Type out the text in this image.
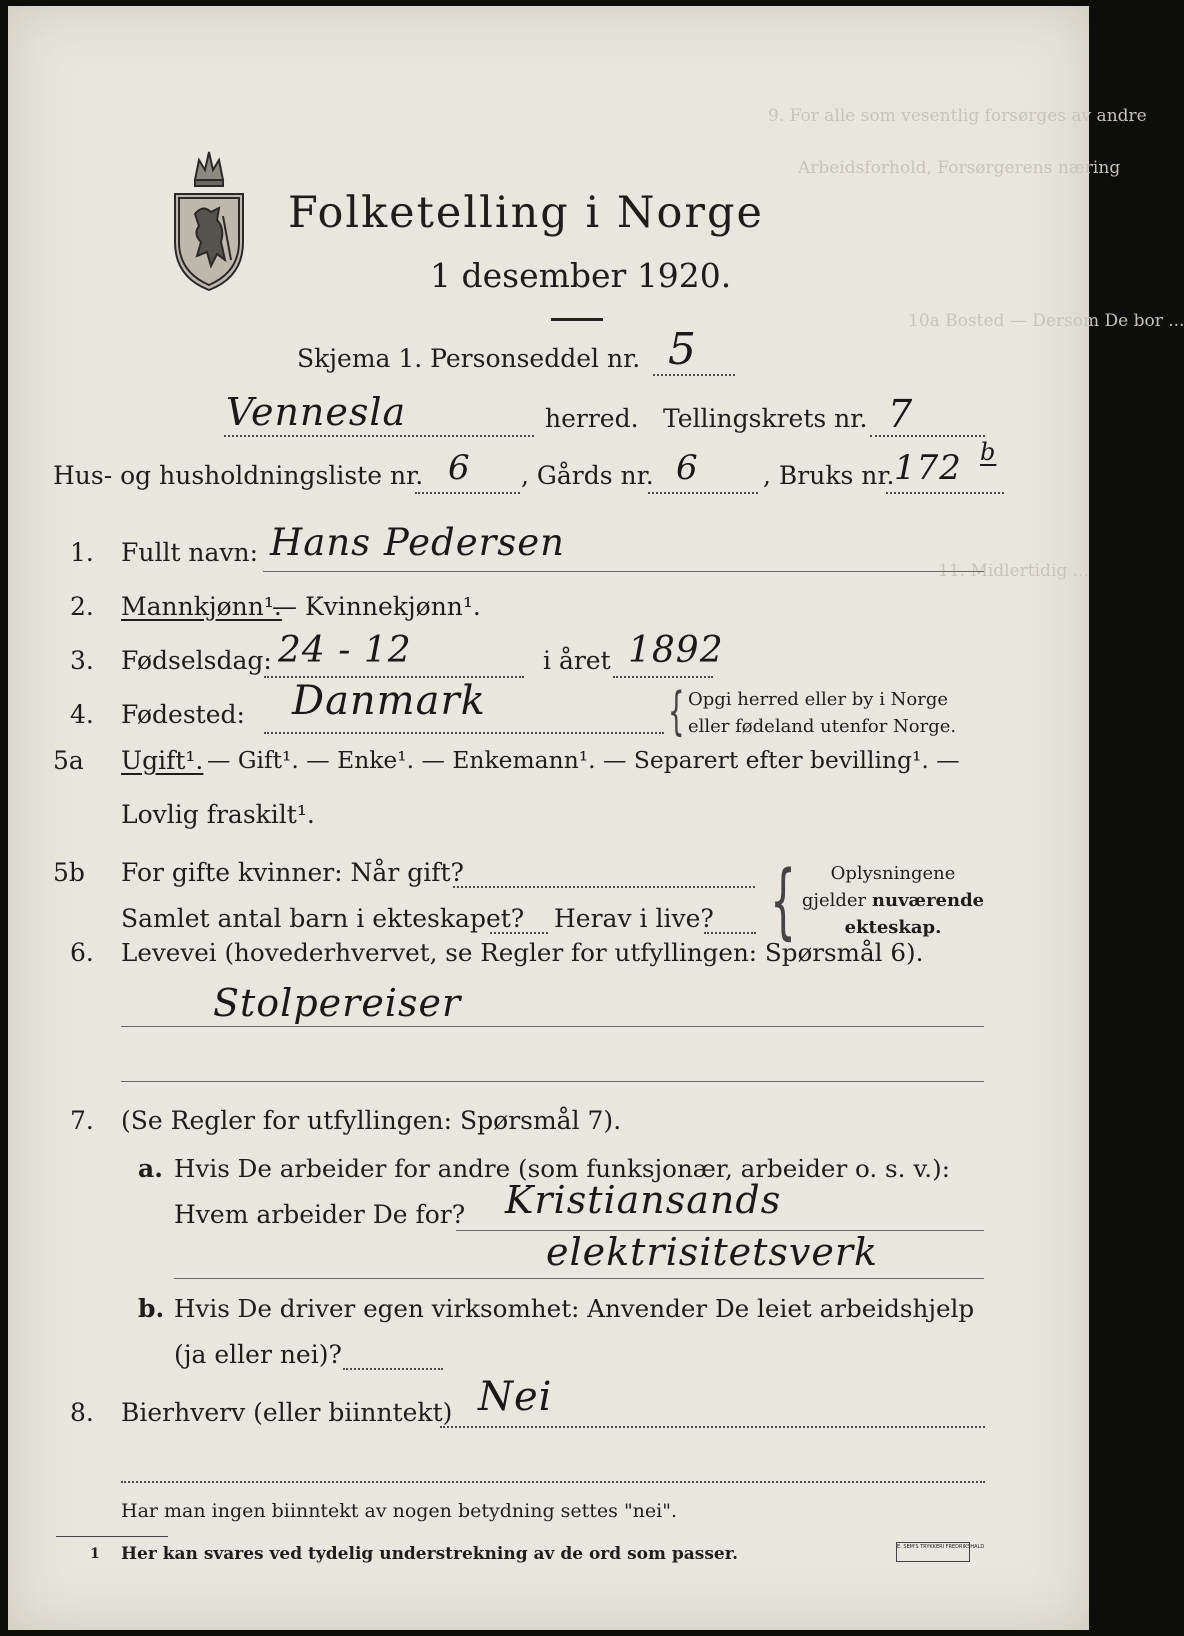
9. For alle som vesentlig forsørges av andre
Arbeidsforhold, Forsørgerens næring
10a Bosted — Dersom De bor ...
11. Midlertidig ...
Folketelling i Norge
1 desember 1920.
Skjema 1. Personseddel nr. 5
Vennesla	herred. Tellingskrets nr. 7
Hus- og husholdningsliste nr. 6 , Gårds nr. 6	, Bruks nr. 172 b
1. Fullt navn: Hans Pedersen
2. Mannkjønn¹.
— Kvinnekjønn¹.
3. Fødselsdag: 24 - 12	i året 1892
4. Fødested: Danmark	{ Opgi herred eller by i Norge
eller fødeland utenfor Norge.
5a Ugift¹. — Gift¹. — Enke¹. — Enkemann¹. — Separert efter bevilling¹. —
Lovlig fraskilt¹.
5b For gifte kvinner: Når gift?
Samlet antal barn i ekteskapet? Herav i live? {	Oplysningene
gjelder nuværende
ekteskap.
6. Levevei (hovederhvervet, se Regler for utfyllingen: Spørsmål 6).
Stolpereiser
7. (Se Regler for utfyllingen: Spørsmål 7).
a. Hvis De arbeider for andre (som funksjonær, arbeider o. s. v.):
Hvem arbeider De for? Kristiansands
elektrisitetsverk
b. Hvis De driver egen virksomhet: Anvender De leiet arbeidshjelp
(ja eller nei)?
8. Bierhverv (eller biinntekt) Nei
Har man ingen biinntekt av nogen betydning settes "nei".
1 Her kan svares ved tydelig understrekning av de ord som passer.	E. SEM'S TRYKKERI FREDRIKSHALD
